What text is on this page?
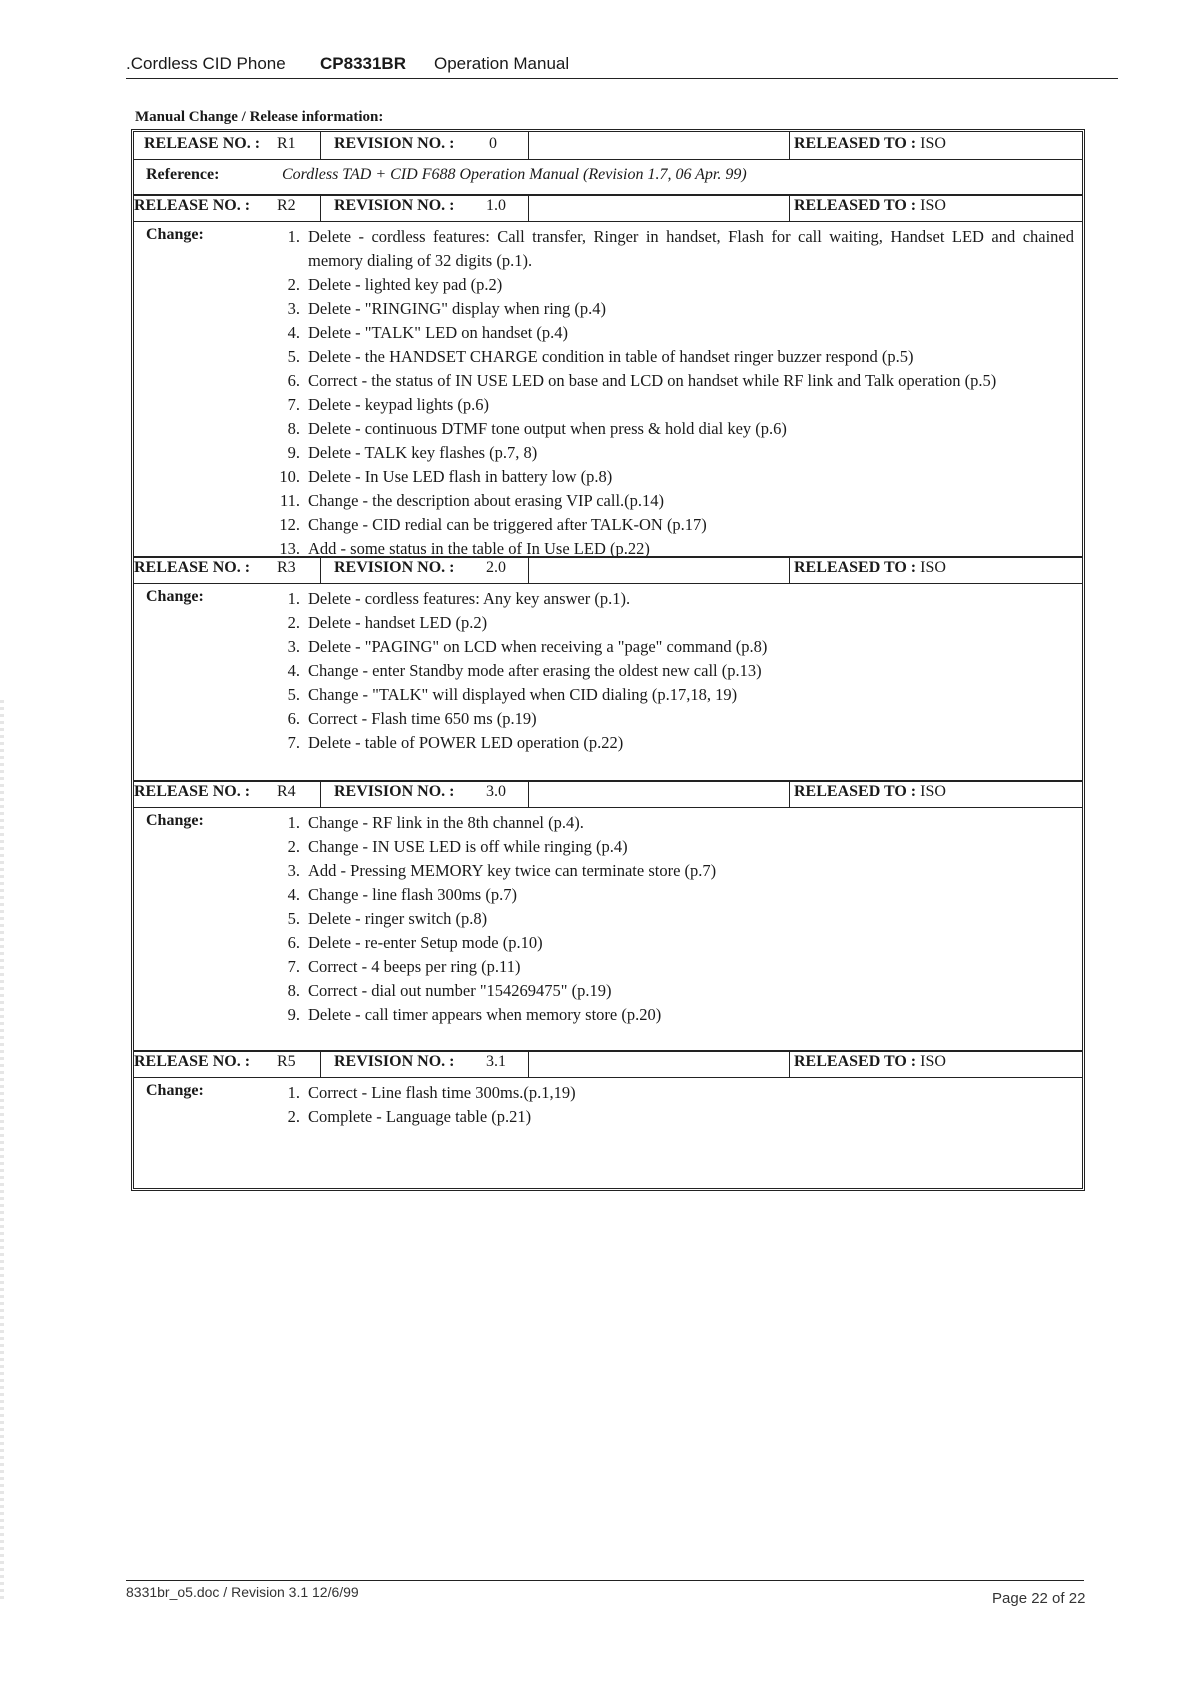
.Cordless CID Phone CP8331BR Operation Manual
Manual Change / Release information:
RELEASE NO. : R1 REVISION NO. : 0	RELEASED TO : ISO
Reference:	Cordless TAD + CID F688 Operation Manual (Revision 1.7, 06 Apr. 99)
RELEASE NO. : R2 REVISION NO. : 1.0	RELEASED TO : ISO
Change:	1. Delete - cordless features: Call transfer, Ringer in handset, Flash for call waiting, Handset LED and chained memory dialing of 32 digits (p.1).
2. Delete - lighted key pad (p.2)
3. Delete - "RINGING" display when ring (p.4)
4. Delete - "TALK" LED on handset (p.4)
5. Delete - the HANDSET CHARGE condition in table of handset ringer buzzer respond (p.5)
6. Correct - the status of IN USE LED on base and LCD on handset while RF link and Talk operation (p.5)
7. Delete - keypad lights (p.6)
8. Delete - continuous DTMF tone output when press & hold dial key (p.6)
9. Delete - TALK key flashes (p.7, 8)
10. Delete - In Use LED flash in battery low (p.8)
11. Change - the description about erasing VIP call.(p.14)
12. Change - CID redial can be triggered after TALK-ON (p.17)
13. Add - some status in the table of In Use LED (p.22)
RELEASE NO. : R3 REVISION NO. : 2.0	RELEASED TO : ISO
Change:	1. Delete - cordless features: Any key answer (p.1).
2. Delete - handset LED (p.2)
3. Delete - "PAGING" on LCD when receiving a "page" command (p.8)
4. Change - enter Standby mode after erasing the oldest new call (p.13)
5. Change - "TALK" will displayed when CID dialing (p.17,18, 19)
6. Correct - Flash time 650 ms (p.19)
7. Delete - table of POWER LED operation (p.22)
RELEASE NO. : R4 REVISION NO. : 3.0	RELEASED TO : ISO
Change:	1. Change - RF link in the 8th channel (p.4).
2. Change - IN USE LED is off while ringing (p.4)
3. Add - Pressing MEMORY key twice can terminate store (p.7)
4. Change - line flash 300ms (p.7)
5. Delete - ringer switch (p.8)
6. Delete - re-enter Setup mode (p.10)
7. Correct - 4 beeps per ring (p.11)
8. Correct - dial out number "154269475" (p.19)
9. Delete - call timer appears when memory store (p.20)
RELEASE NO. : R5 REVISION NO. : 3.1	RELEASED TO : ISO
Change:	1. Correct - Line flash time 300ms.(p.1,19)
2. Complete - Language table (p.21)
8331br_o5.doc / Revision 3.1 12/6/99	Page 22 of 22
